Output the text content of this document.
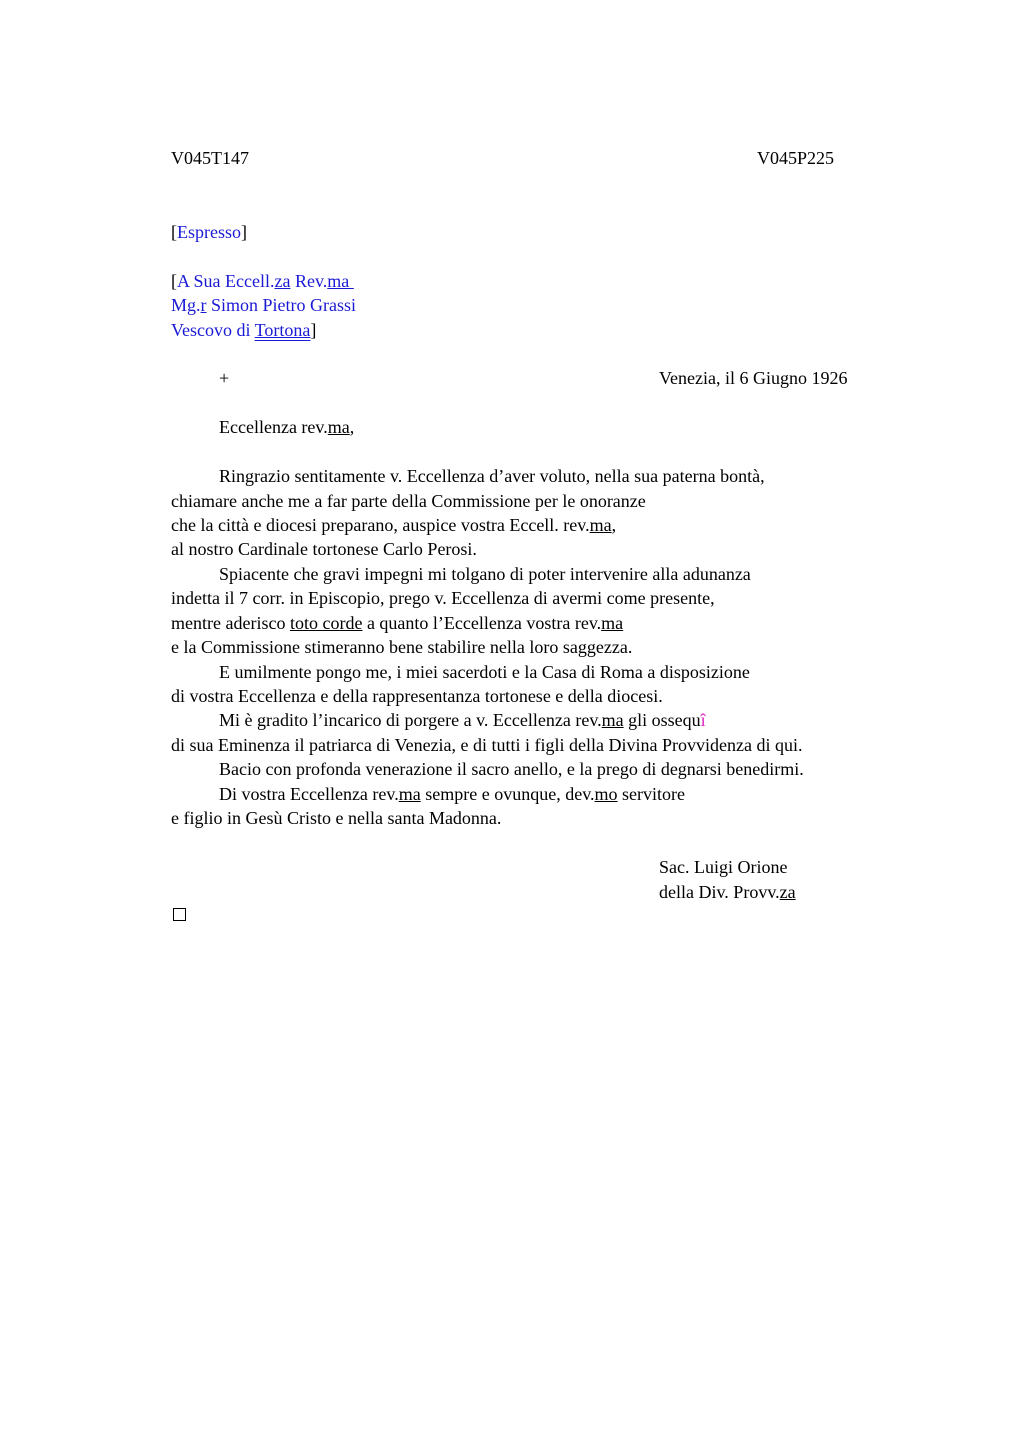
V045T147	V045P225
[Espresso]
[A Sua Eccell.za Rev.ma
Mg.r Simon Pietro Grassi
Vescovo di Tortona]
+	Venezia, il 6 Giugno 1926
Eccellenza rev.ma,
Ringrazio sentitamente v. Eccellenza d’aver voluto, nella sua paterna bontà,
chiamare anche me a far parte della Commissione per le onoranze
che la città e diocesi preparano, auspice vostra Eccell. rev.ma,
al nostro Cardinale tortonese Carlo Perosi.
Spiacente che gravi impegni mi tolgano di poter intervenire alla adunanza
indetta il 7 corr. in Episcopio, prego v. Eccellenza di avermi come presente,
mentre aderisco toto corde a quanto l’Eccellenza vostra rev.ma
e la Commissione stimeranno bene stabilire nella loro saggezza.
E umilmente pongo me, i miei sacerdoti e la Casa di Roma a disposizione
di vostra Eccellenza e della rappresentanza tortonese e della diocesi.
Mi è gradito l’incarico di porgere a v. Eccellenza rev.ma gli ossequî
di sua Eminenza il patriarca di Venezia, e di tutti i figli della Divina Provvidenza di qui.
Bacio con profonda venerazione il sacro anello, e la prego di degnarsi benedirmi.
Di vostra Eccellenza rev.ma sempre e ovunque, dev.mo servitore
e figlio in Gesù Cristo e nella santa Madonna.
Sac. Luigi Orione
della Div. Provv.za
